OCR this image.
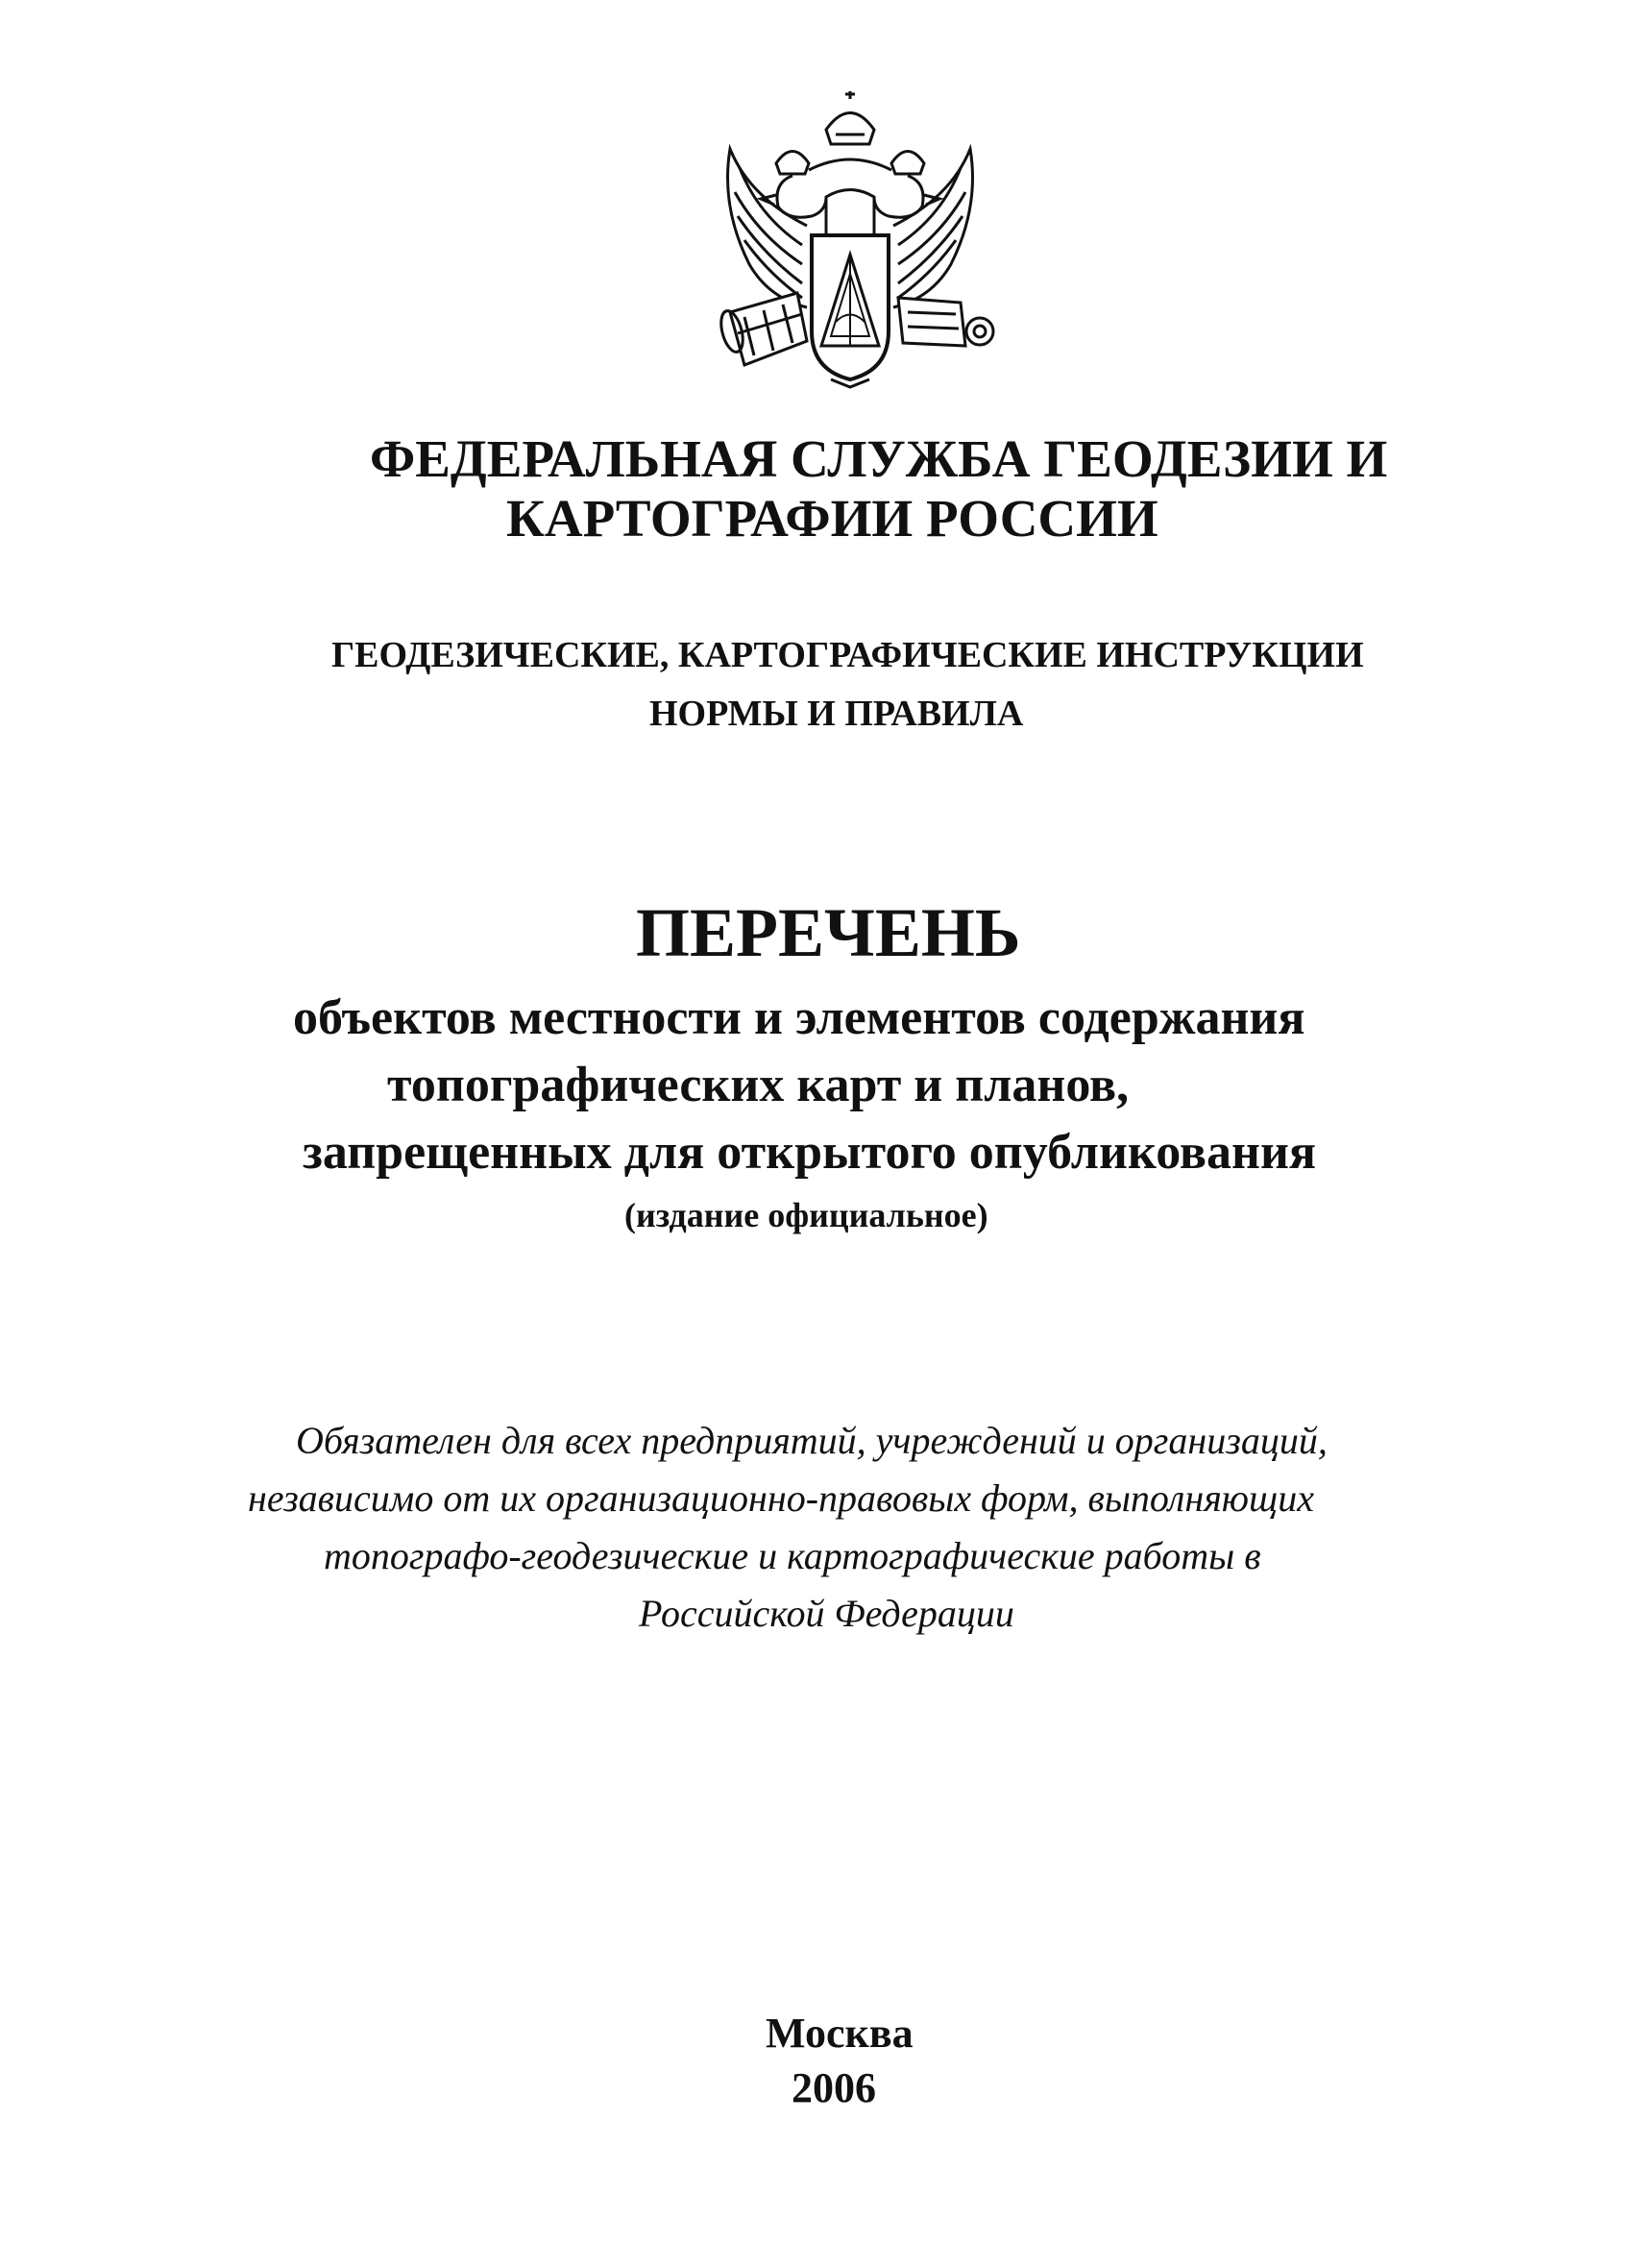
ФЕДЕРАЛЬНАЯ СЛУЖБА ГЕОДЕЗИИ И

КАРТОГРАФИИ РОССИИ

ГЕОДЕЗИЧЕСКИЕ, КАРТОГРАФИЧЕСКИЕ ИНСТРУКЦИИ

НОРМЫ И ПРАВИЛА

ПЕРЕЧЕНЬ

объектов местности и элементов содержания

топографических карт и планов,

запрещенных для открытого опубликования

(издание официальное)

Обязателен для всех предприятий, учреждений и организаций,

независимо от их организационно-правовых форм, выполняющих

топографо-геодезические и картографические работы в

Российской Федерации

Москва

2006
